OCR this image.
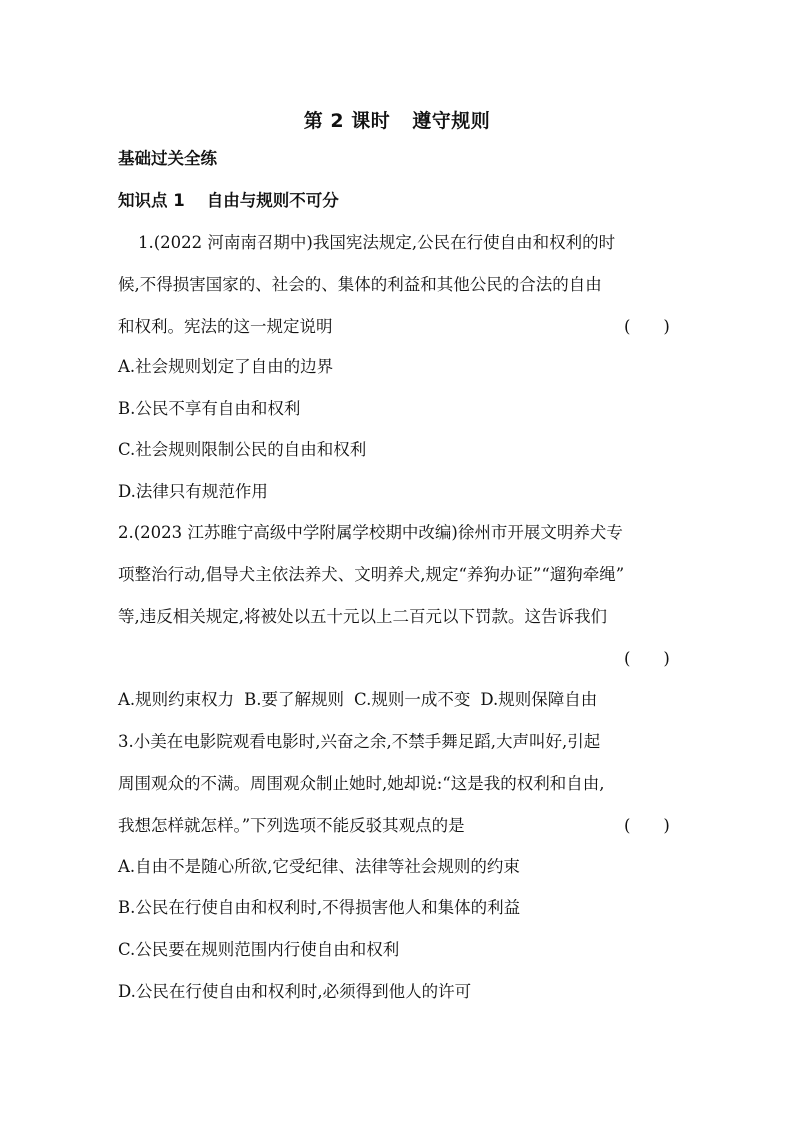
第 2 课时 遵守规则
基础过关全练
知识点 1 自由与规则不可分
1.(2022 河南南召期中)我国宪法规定,公民在行使自由和权利的时
候,不得损害国家的、社会的、集体的利益和其他公民的合法的自由
和权利。宪法的这一规定说明	(　　)
A.社会规则划定了自由的边界
B.公民不享有自由和权利
C.社会规则限制公民的自由和权利
D.法律只有规范作用
2.(2023 江苏睢宁高级中学附属学校期中改编)徐州市开展文明养犬专
项整治行动,倡导犬主依法养犬、文明养犬,规定“养狗办证”“遛狗牵绳”
等,违反相关规定,将被处以五十元以上二百元以下罚款。这告诉我们
(　　)
A.规则约束权力 B.要了解规则 C.规则一成不变 D.规则保障自由
3.小美在电影院观看电影时,兴奋之余,不禁手舞足蹈,大声叫好,引起
周围观众的不满。周围观众制止她时,她却说:“这是我的权利和自由,
我想怎样就怎样。”下列选项不能反驳其观点的是	(　　)
A.自由不是随心所欲,它受纪律、法律等社会规则的约束
B.公民在行使自由和权利时,不得损害他人和集体的利益
C.公民要在规则范围内行使自由和权利
D.公民在行使自由和权利时,必须得到他人的许可
